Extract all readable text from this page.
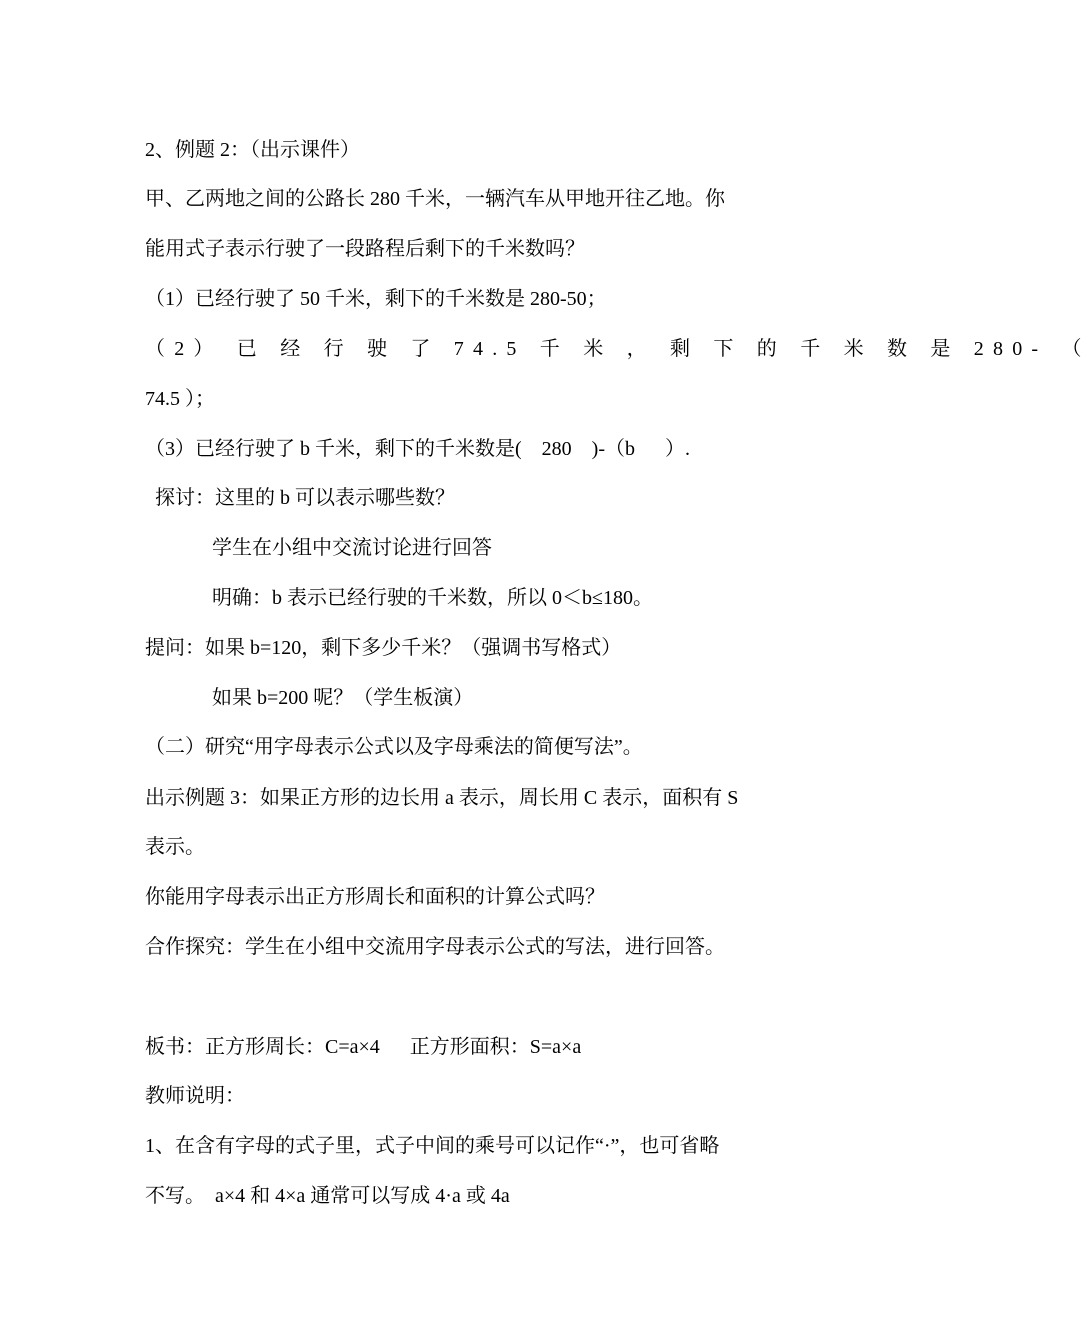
2、例题 2：（出示课件）
甲、乙两地之间的公路长 280 千米，一辆汽车从甲地开往乙地。你
能用式子表示行驶了一段路程后剩下的千米数吗？
（1）已经行驶了 50 千米，剩下的千米数是 280-50；
（2） 已 经 行 驶 了 74.5 千 米 ， 剩 下 的 千 米 数 是 280- （
74.5 ）；
（3）已经行驶了 b 千米，剩下的千米数是(    280    )-（b      ）.
探讨：这里的 b 可以表示哪些数？
学生在小组中交流讨论进行回答
明确：b 表示已经行驶的千米数，所以 0＜b≤180。
提问：如果 b=120，剩下多少千米？（强调书写格式）
如果 b=200 呢？（学生板演）
（二）研究“用字母表示公式以及字母乘法的简便写法”。
出示例题 3：如果正方形的边长用 a 表示，周长用 C 表示，面积有 S
表示。
你能用字母表示出正方形周长和面积的计算公式吗？
合作探究：学生在小组中交流用字母表示公式的写法，进行回答。
板书：正方形周长：C=a×4      正方形面积：S=a×a
教师说明：
1、在含有字母的式子里，式子中间的乘号可以记作“·”，也可省略
不写。  a×4 和 4×a 通常可以写成 4·a 或 4a
